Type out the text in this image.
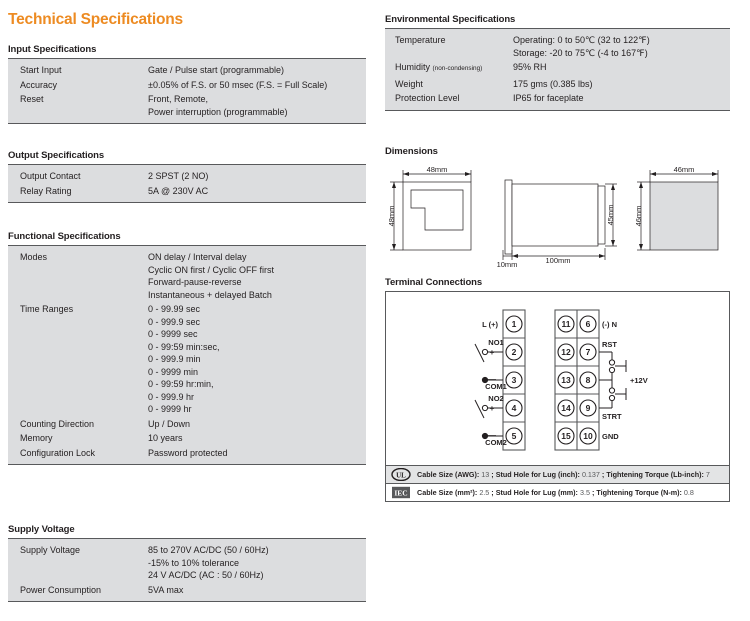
Technical Specifications
Input Specifications
Start Input	Gate / Pulse start (programmable)
Accuracy	±0.05% of F.S. or 50 msec (F.S. = Full Scale)
Reset	Front, Remote,
Power interruption (programmable)
Output Specifications
Output Contact	2 SPST (2 NO)
Relay Rating	5A @ 230V AC
Functional Specifications
Modes	ON delay / Interval delay
Cyclic ON first / Cyclic OFF first
Forward-pause-reverse
Instantaneous + delayed Batch
Time Ranges	0 - 99.99 sec
0 - 999.9 sec
0 - 9999 sec
0 - 99:59 min:sec,
0 - 999.9 min
0 - 9999 min
0 - 99:59 hr:min,
0 - 999.9 hr
0 - 9999 hr
Counting Direction	Up / Down
Memory	10 years
Configuration Lock	Password protected
Supply Voltage
Supply Voltage	85 to 270V AC/DC (50 / 60Hz)
-15% to 10% tolerance
24 V AC/DC (AC : 50 / 60Hz)
Power Consumption	5VA max
Environmental Specifications
Temperature	Operating: 0 to 50℃ (32 to 122℉)
Storage: -20 to 75℃ (-4 to 167℉)
Humidity (non-condensing)	95% RH
Weight	175 gms (0.385 lbs)
Protection Level	IP65 for faceplate
Dimensions
48mm
48mm
100mm
45mm
10mm
46mm
46mm
Terminal Connections
1
2
3
4
5
NO1
COM1
+
—
NO2
COM2
+
—
L (+)	11
12
13
14
15
6
7
8
9
10
RST
+12V
STRT
(-) N
GND
UL Cable Size (AWG):
13 ; Stud Hole for Lug (inch):
0.137 ; Tightening Torque (Lb-inch):
7
IEC Cable Size (mm²):
2.5 ; Stud Hole for Lug (mm):
3.5 ; Tightening Torque (N-m):
0.8
